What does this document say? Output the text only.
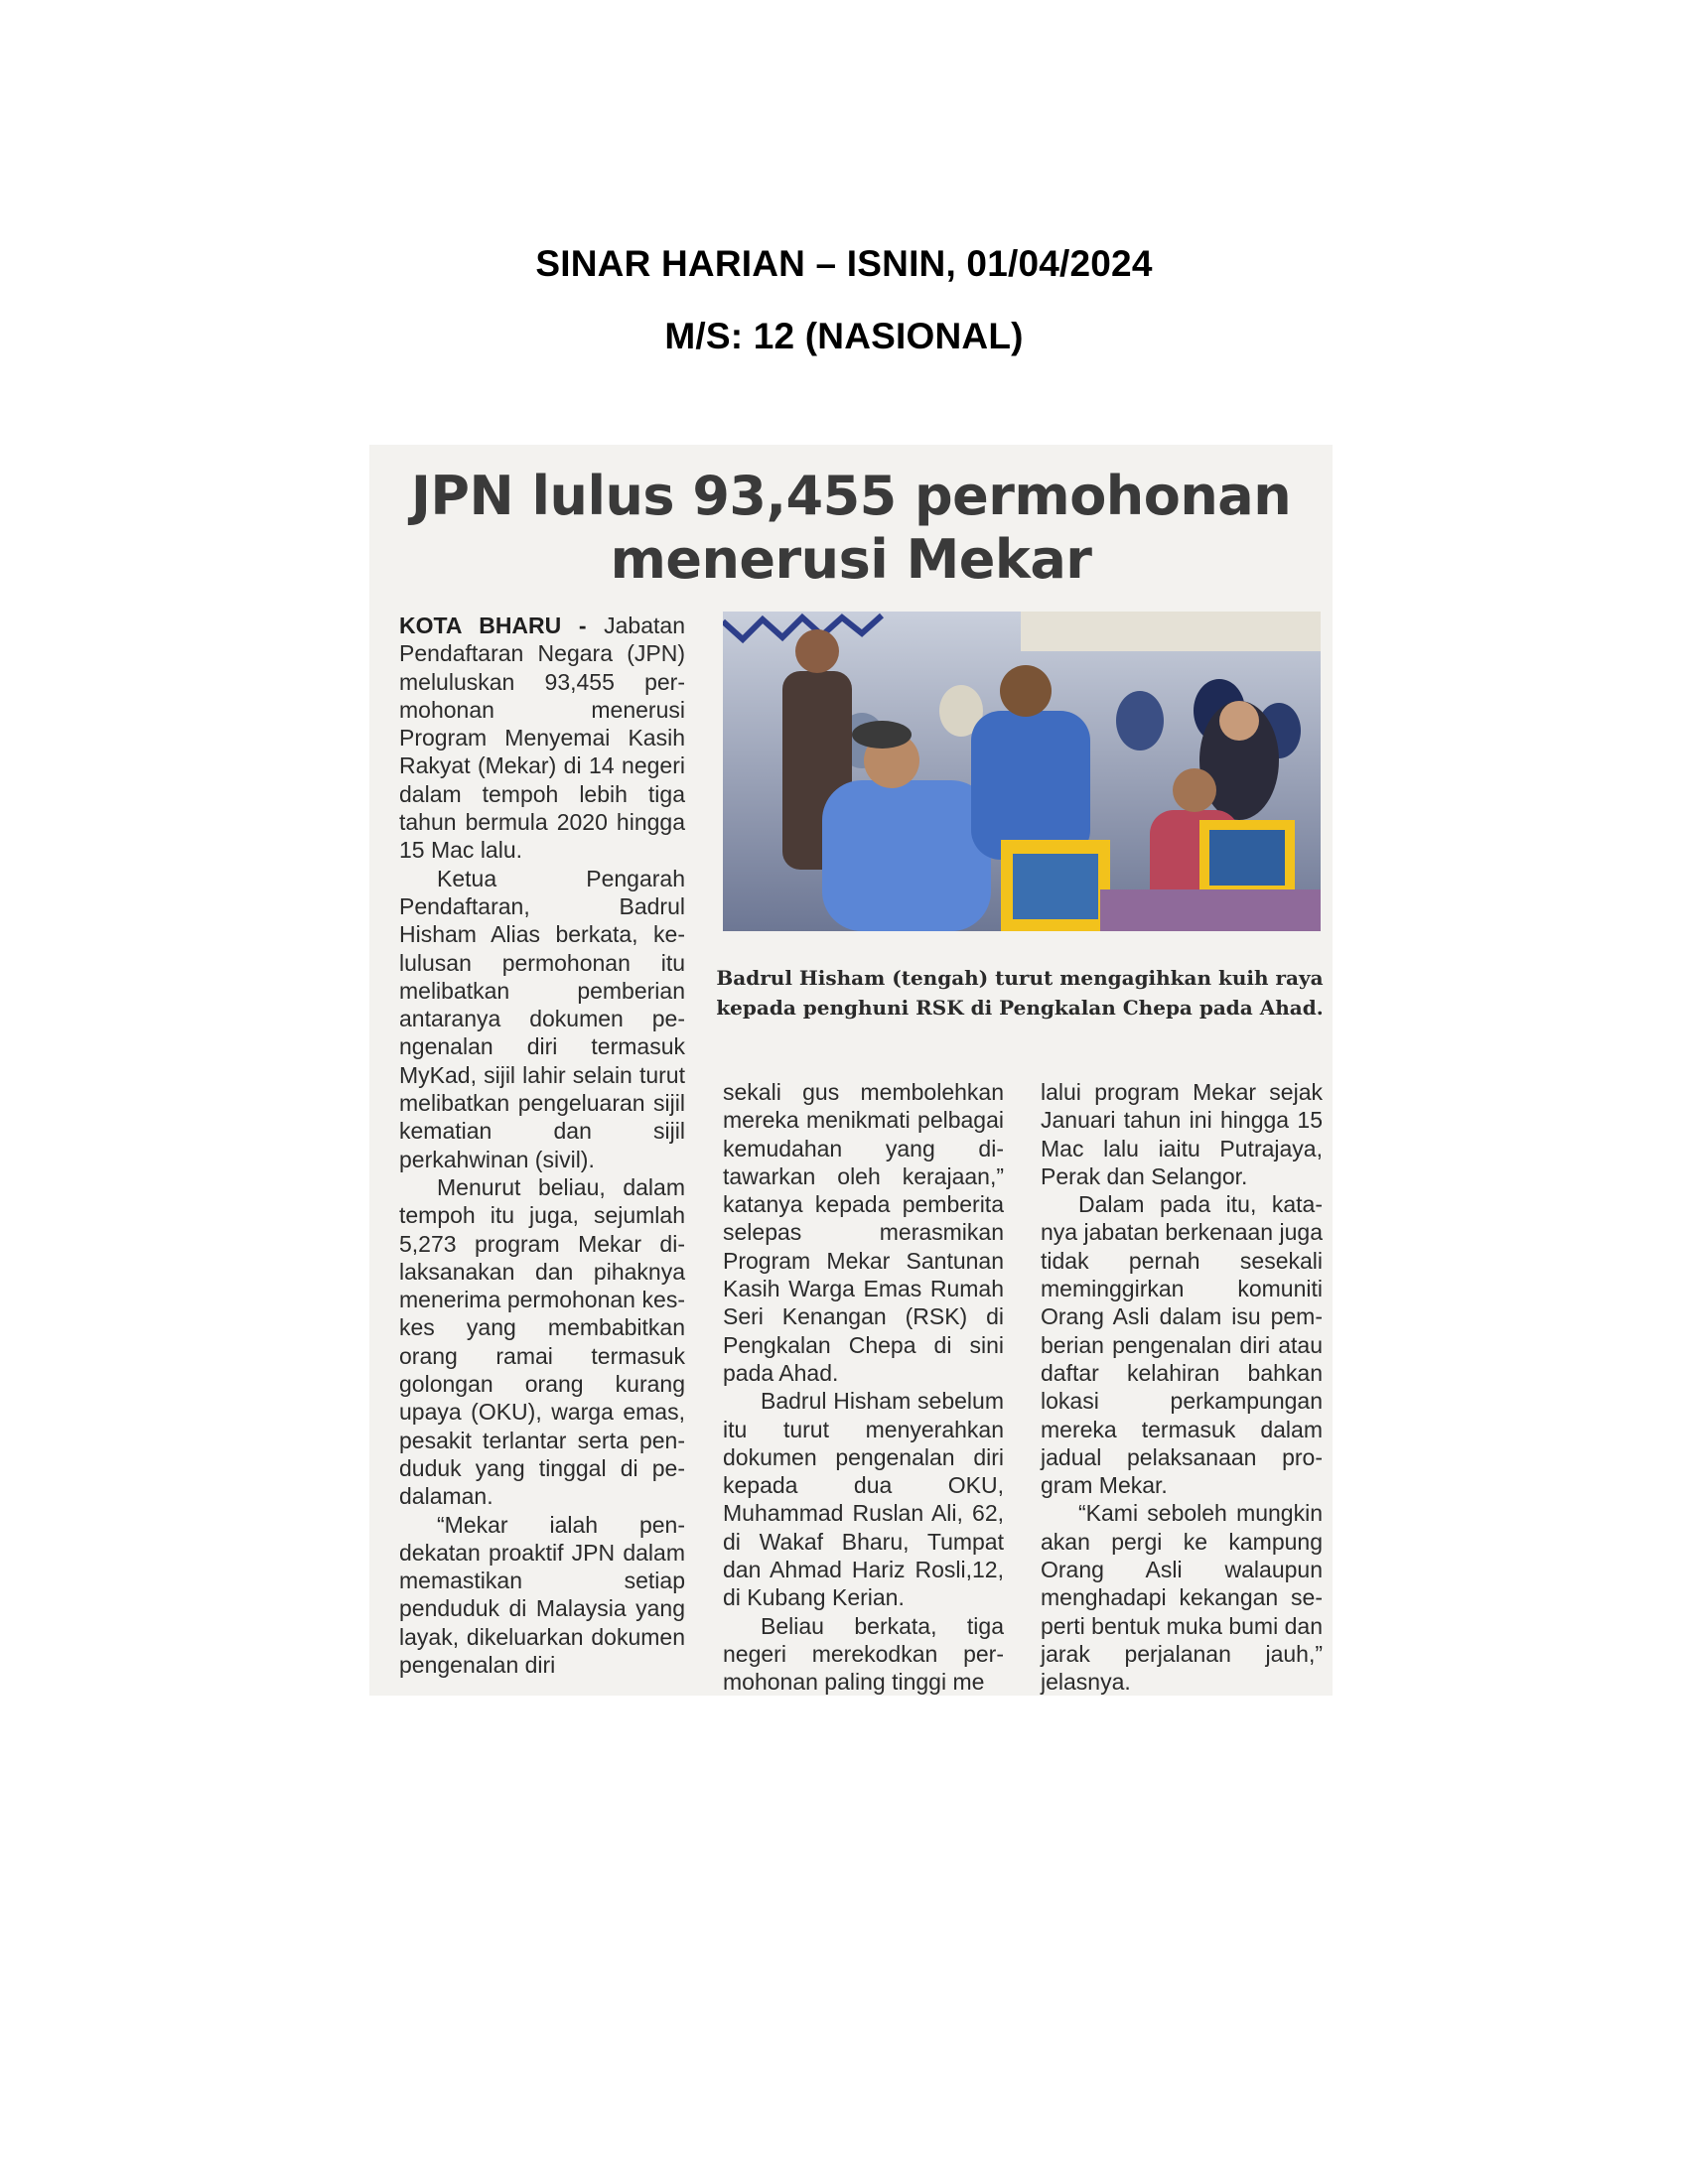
SINAR HARIAN – ISNIN, 01/04/2024
M/S: 12 (NASIONAL)
JPN lulus 93,455 permohonan
menerusi Mekar

KOTA BHARU - Jabatan Pendaftaran Negara (JPN) meluluskan 93,455 permohonan menerusi Program Menyemai Kasih Rakyat (Mekar) di 14 negeri dalam tempoh lebih tiga tahun bermula 2020 hingga 15 Mac lalu.

Ketua Pengarah Pendaftaran, Badrul Hisham Alias berkata, kelulusan permohonan itu melibatkan pemberian antaranya dokumen pengenalan diri termasuk MyKad, sijil lahir selain turut melibatkan pengeluaran sijil kematian dan sijil perkahwinan (sivil).

Menurut beliau, dalam tempoh itu juga, sejumlah 5,273 program Mekar dilaksanakan dan pihaknya menerima permohonan kes-kes yang membabitkan orang ramai termasuk golongan orang kurang upaya (OKU), warga emas, pesakit terlantar serta penduduk yang tinggal di pedalaman.

“Mekar ialah pendekatan proaktif JPN dalam memastikan setiap penduduk di Malaysia yang layak, dikeluarkan dokumen pengenalan diri

Badrul Hisham (tengah) turut mengagihkan kuih raya
kepada penghuni RSK di Pengkalan Chepa pada Ahad.

sekali gus membolehkan mereka menikmati pelbagai kemudahan yang ditawarkan oleh kerajaan,” katanya kepada pemberita selepas merasmikan Program Mekar Santunan Kasih Warga Emas Rumah Seri Kenangan (RSK) di Pengkalan Chepa di sini pada Ahad.

Badrul Hisham sebelum itu turut menyerahkan dokumen pengenalan diri kepada dua OKU, Muhammad Ruslan Ali, 62, di Wakaf Bharu, Tumpat dan Ahmad Hariz Rosli,12, di Kubang Kerian.

Beliau berkata, tiga negeri merekodkan permohonan paling tinggi me

lalui program Mekar sejak Januari tahun ini hingga 15 Mac lalu iaitu Putrajaya, Perak dan Selangor.

Dalam pada itu, katanya jabatan berkenaan juga tidak pernah sesekali meminggirkan komuniti Orang Asli dalam isu pemberian pengenalan diri atau daftar kelahiran bahkan lokasi perkampungan mereka termasuk dalam jadual pelaksanaan program Mekar.

“Kami seboleh mungkin akan pergi ke kampung Orang Asli walaupun menghadapi kekangan seperti bentuk muka bumi dan jarak perjalanan jauh,” jelasnya.
